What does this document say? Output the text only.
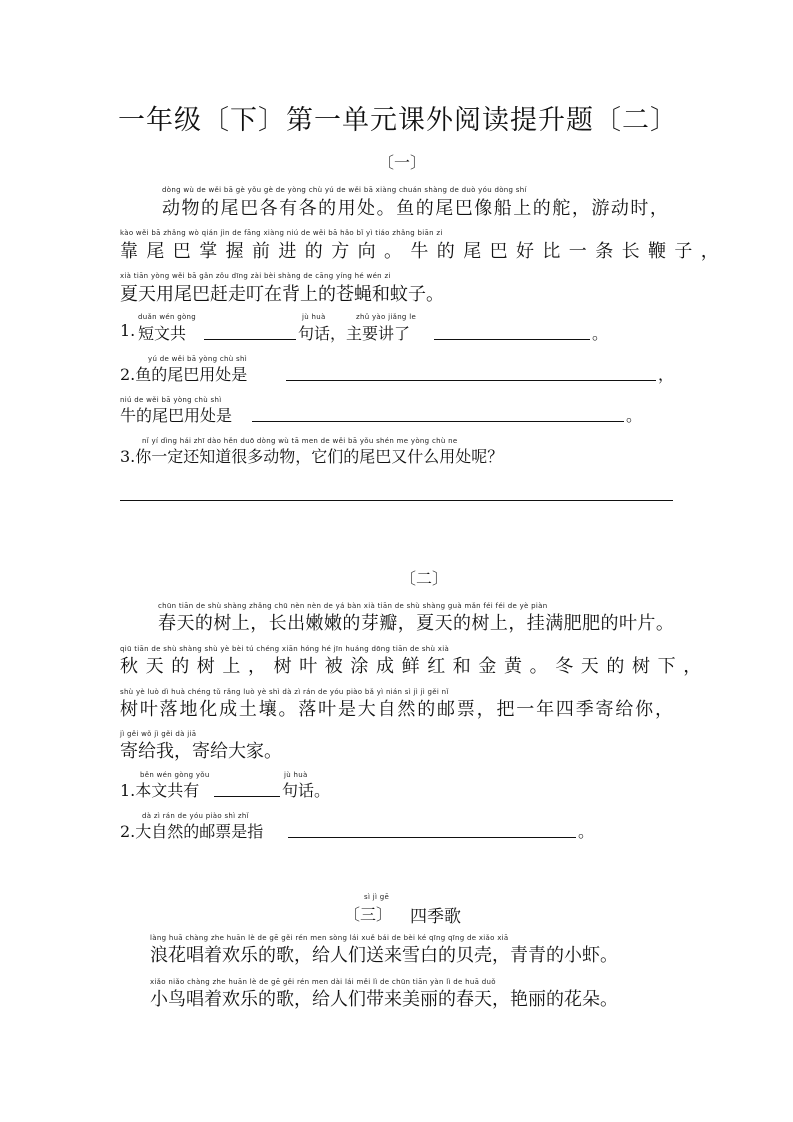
一年级〔下〕第一单元课外阅读提升题〔二〕
〔一〕
dòng wù de wěi bā gè yǒu gè de yòng chù yú de wěi bā xiàng chuán shàng de duò yóu dòng shí
动 物 的 尾 巴 各 有 各 的 用 处 。 鱼 的 尾 巴 像 船 上 的 舵 ， 游 动 时 ，
kào wěi bā zhǎng wò qián jìn de fāng xiàng niú de wěi bā hǎo bǐ yì tiáo zhǎng biān zi
靠尾巴掌握前进的方向。牛的尾巴好比一条长鞭子，
xià tiān yòng wěi bā gǎn zǒu dīng zài bèi shàng de cāng yíng hé wén zi
夏天用尾巴赶走叮在背上的苍蝇和蚊子。
duǎn wén gòng	jù huà	zhǔ yào jiǎng le
1. 短文共	句话，主要讲了	。
yú de wěi bā yòng chù shì
2.鱼的尾巴用处是	，
niú de wěi bā yòng chù shì
牛的尾巴用处是	。
nǐ yí dìng hái zhī dào hěn duō dòng wù tā men de wěi bā yǒu shén me yòng chù ne
3.你一定还知道很多动物，它们的尾巴又什么用处呢？
〔二〕
chūn tiān de shù shàng zhǎng chū nèn nèn de yá bàn xià tiān de shù shàng guà mǎn féi féi de yè piàn
春 天 的 树 上 ， 长 出 嫩 嫩 的 芽 瓣 ， 夏 天 的 树 上 ， 挂 满 肥 肥 的 叶 片 。
qiū tiān de shù shàng shù yè bèi tú chéng xiān hóng hé jīn huáng dōng tiān de shù xià
秋天的树上，树叶被涂成鲜红和金黄。冬天的树下，
shù yè luò dì huà chéng tǔ rǎng luò yè shì dà zì rán de yóu piào bǎ yì nián sì jì jì gěi nǐ
树 叶 落 地 化 成 土 壤 。 落 叶 是 大 自 然 的 邮 票 ， 把 一 年 四 季 寄 给 你 ，
jì gěi wǒ jì gěi dà jiā
寄给我，寄给大家。
běn wén gòng yǒu	jù huà
1.本文共有	句话。
dà zì rán de yóu piào shì zhǐ
2.大自然的邮票是指	。
sì jì gē
〔三〕 四季歌
làng huā chàng zhe huān lè de gē gěi rén men sòng lái xuě bái de bèi ké qīng qīng de xiǎo xiā
浪花唱着欢乐的歌，给人们送来雪白的贝壳，青青的小虾。
xiǎo niǎo chàng zhe huān lè de gē gěi rén men dài lái měi lì de chūn tiān yàn lì de huā duǒ
小鸟唱着欢乐的歌，给人们带来美丽的春天，艳丽的花朵。
